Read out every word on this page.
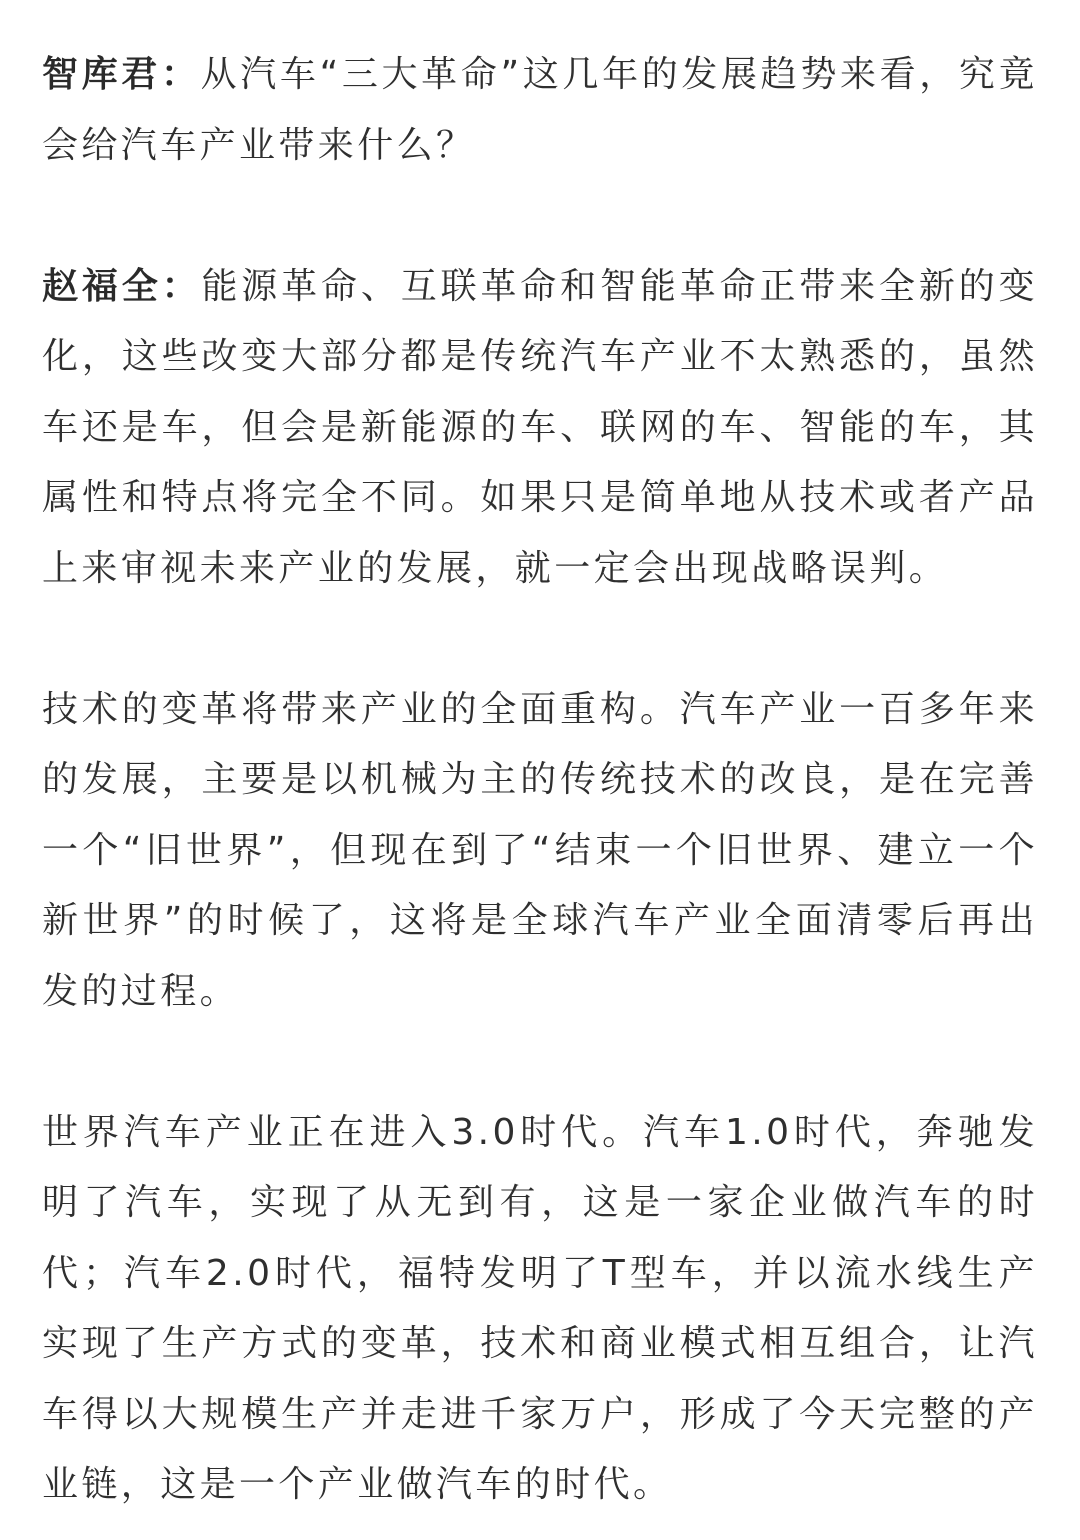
智库君：从汽车“三大革命”这几年的发展趋势来看，究竟会给汽车产业带来什么？

赵福全：能源革命、互联革命和智能革命正带来全新的变化，这些改变大部分都是传统汽车产业不太熟悉的，虽然车还是车，但会是新能源的车、联网的车、智能的车，其属性和特点将完全不同。如果只是简单地从技术或者产品上来审视未来产业的发展，就一定会出现战略误判。

技术的变革将带来产业的全面重构。汽车产业一百多年来的发展，主要是以机械为主的传统技术的改良，是在完善一个“旧世界”，但现在到了“结束一个旧世界、建立一个新世界”的时候了，这将是全球汽车产业全面清零后再出发的过程。

世界汽车产业正在进入3.0时代。汽车1.0时代，奔驰发明了汽车，实现了从无到有，这是一家企业做汽车的时代；汽车2.0时代，福特发明了T型车，并以流水线生产实现了生产方式的变革，技术和商业模式相互组合，让汽车得以大规模生产并走进千家万户，形成了今天完整的产业链，这是一个产业做汽车的时代。
